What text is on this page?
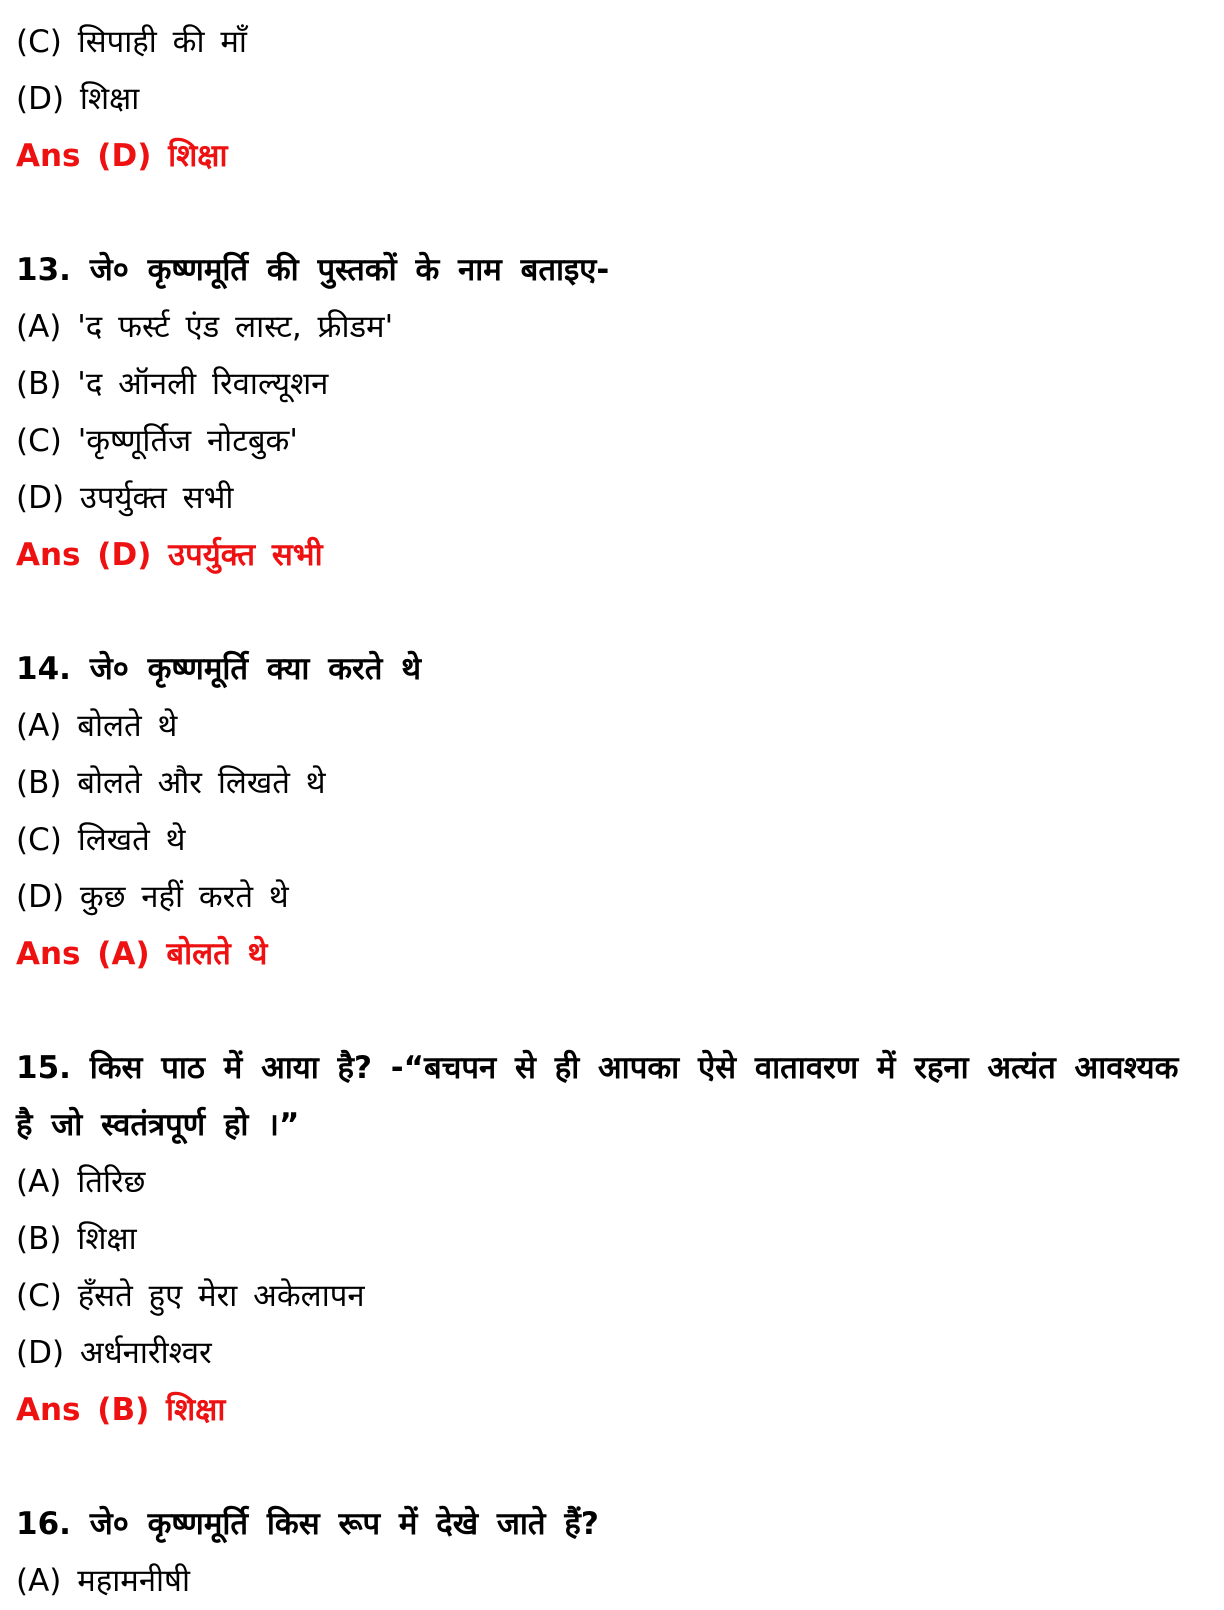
(C) सिपाही की माँ
(D) शिक्षा
Ans (D) शिक्षा
13. जे० कृष्णमूर्ति की पुस्तकों के नाम बताइए-
(A) 'द फर्स्ट एंड लास्ट, फ्रीडम'
(B) 'द ऑनली रिवाल्यूशन
(C) 'कृष्णूर्तिज नोटबुक'
(D) उपर्युक्त सभी
Ans (D) उपर्युक्त सभी
14. जे० कृष्णमूर्ति क्या करते थे
(A) बोलते थे
(B) बोलते और लिखते थे
(C) लिखते थे
(D) कुछ नहीं करते थे
Ans (A) बोलते थे
15. किस पाठ में आया है? -“बचपन से ही आपका ऐसे वातावरण में रहना अत्यंत आवश्यक है जो स्वतंत्रपूर्ण हो ।”
(A) तिरिछ
(B) शिक्षा
(C) हँसते हुए मेरा अकेलापन
(D) अर्धनारीश्वर
Ans (B) शिक्षा
16. जे० कृष्णमूर्ति किस रूप में देखे जाते हैं?
(A) महामनीषी
